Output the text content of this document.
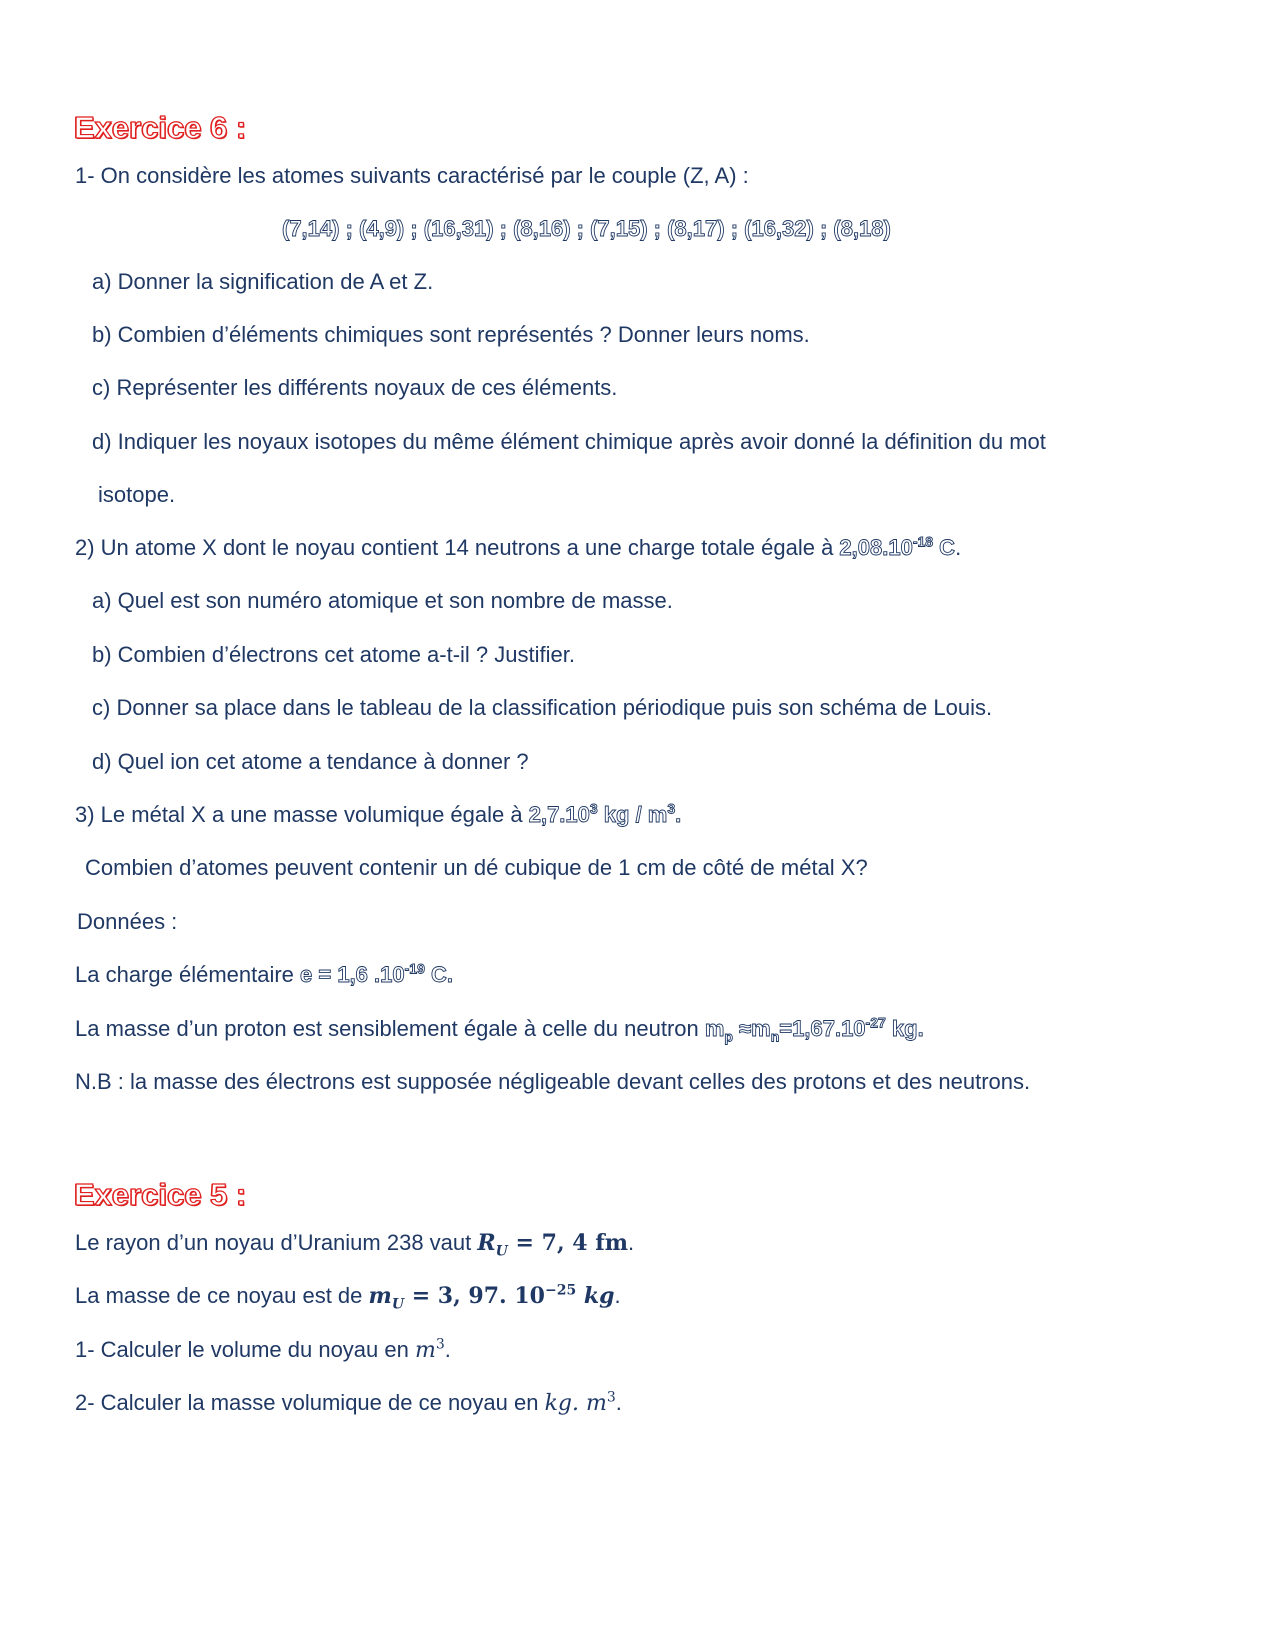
Exercice 6 :
1- On considère les atomes suivants caractérisé par le couple (Z, A) :
(7,14) ; (4,9) ; (16,31) ; (8,16) ; (7,15) ; (8,17) ; (16,32) ; (8,18)
a) Donner la signification de A et Z.
b) Combien d’éléments chimiques sont représentés ? Donner leurs noms.
c) Représenter les différents noyaux de ces éléments.
d) Indiquer les noyaux isotopes du même élément chimique après avoir donné la définition du mot
isotope.
2) Un atome X dont le noyau contient 14 neutrons a une charge totale égale à $2,08.10^{-18}$ C.
a) Quel est son numéro atomique et son nombre de masse.
b) Combien d’électrons cet atome a-t-il ? Justifier.
c) Donner sa place dans le tableau de la classification périodique puis son schéma de Louis.
d) Quel ion cet atome a tendance à donner ?
3) Le métal X a une masse volumique égale à 2,7.10$^3$ kg / $m^3$.
Combien d’atomes peuvent contenir un dé cubique de 1 cm de côté de métal X?
Données :
La charge élémentaire e = 1,6 $.10^{-19}$ C.
La masse d’un proton est sensiblement égale à celle du neutron $m_p \approx m_n=1,67.10^{-27}$ kg.
N.B : la masse des électrons est supposée négligeable devant celles des protons et des neutrons.
Exercice 5 :
Le rayon d’un noyau d’Uranium 238 vaut $R_U = 7$, 4 fm.
La masse de ce noyau est de $m_U = 3$, 97. $10^{-25}$ kg.
1- Calculer le volume du noyau en $m^3$.
2- Calculer la masse volumique de ce noyau en kg. $m^3$.
